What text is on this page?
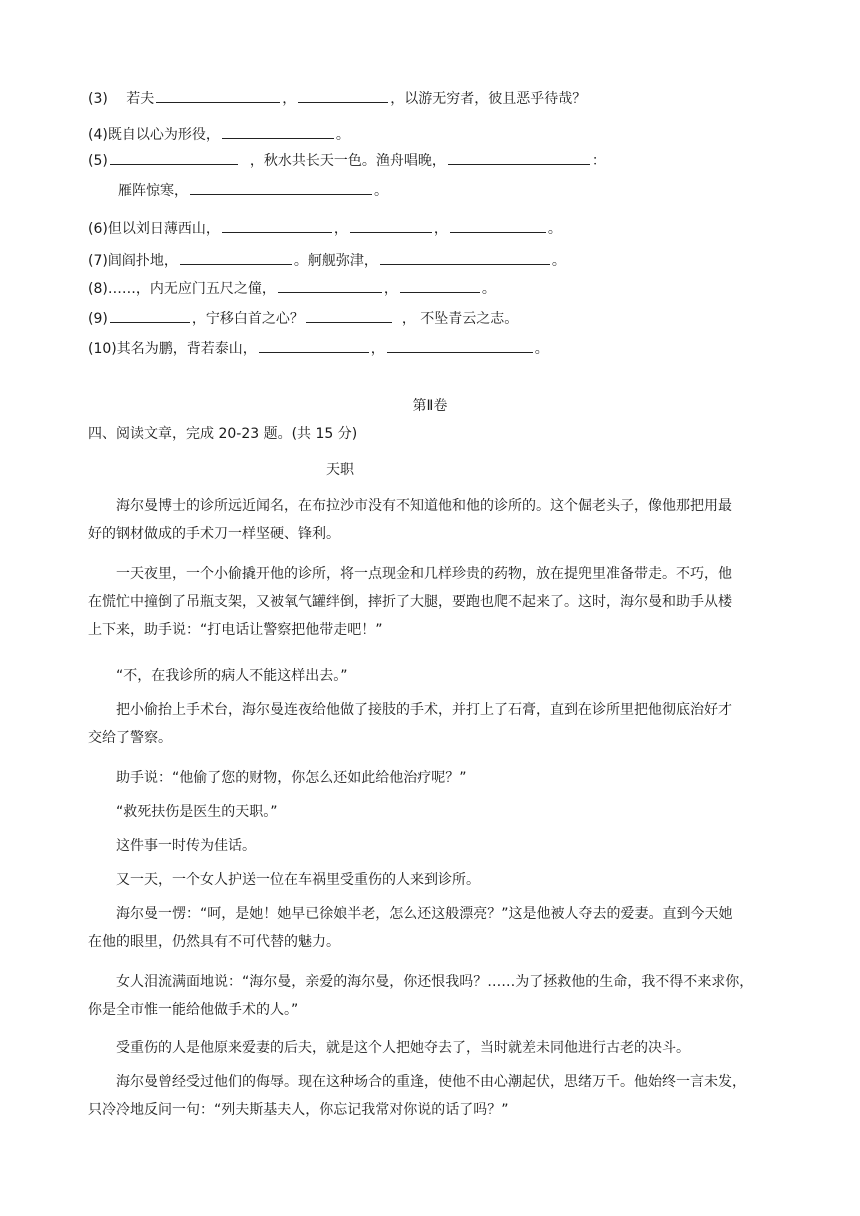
(3) 若夫	，	，以游无穷者，彼且恶乎待哉？
(4)既自以心为形役，	。
(5)	，秋水共长天一色。渔舟唱晚，	：
雁阵惊寒，	。
(6)但以刘日薄西山，	，	，	。
(7)闾阎扑地，	。舸舰弥津，	。
(8)……，内无应门五尺之僮，	，	。
(9)	，宁移白首之心？	， 不坠青云之志。
(10)其名为鹏，背若泰山，	，	。
第Ⅱ卷
四、阅读文章，完成 20-23 题。(共 15 分)
天职
海尔曼博士的诊所远近闻名，在布拉沙市没有不知道他和他的诊所的。这个倔老头子，像他那把用最
好的钢材做成的手术刀一样坚硬、锋利。
一天夜里，一个小偷撬开他的诊所，将一点现金和几样珍贵的药物，放在提兜里准备带走。不巧，他
在慌忙中撞倒了吊瓶支架，又被氧气罐绊倒，摔折了大腿，要跑也爬不起来了。这时，海尔曼和助手从楼
上下来，助手说：“打电话让警察把他带走吧！”
“不，在我诊所的病人不能这样出去。”
把小偷抬上手术台，海尔曼连夜给他做了接肢的手术，并打上了石膏，直到在诊所里把他彻底治好才
交给了警察。
助手说：“他偷了您的财物，你怎么还如此给他治疗呢？”
“救死扶伤是医生的天职。”
这件事一时传为佳话。
又一天，一个女人护送一位在车祸里受重伤的人来到诊所。
海尔曼一愣：“呵，是她！她早已徐娘半老，怎么还这般漂亮？”这是他被人夺去的爱妻。直到今天她
在他的眼里，仍然具有不可代替的魅力。
女人泪流满面地说：“海尔曼，亲爱的海尔曼，你还恨我吗？……为了拯救他的生命，我不得不来求你，
你是全市惟一能给他做手术的人。”
受重伤的人是他原来爱妻的后夫，就是这个人把她夺去了，当时就差未同他进行古老的决斗。
海尔曼曾经受过他们的侮辱。现在这种场合的重逢，使他不由心潮起伏，思绪万千。他始终一言未发，
只冷冷地反问一句：“列夫斯基夫人，你忘记我常对你说的话了吗？”
